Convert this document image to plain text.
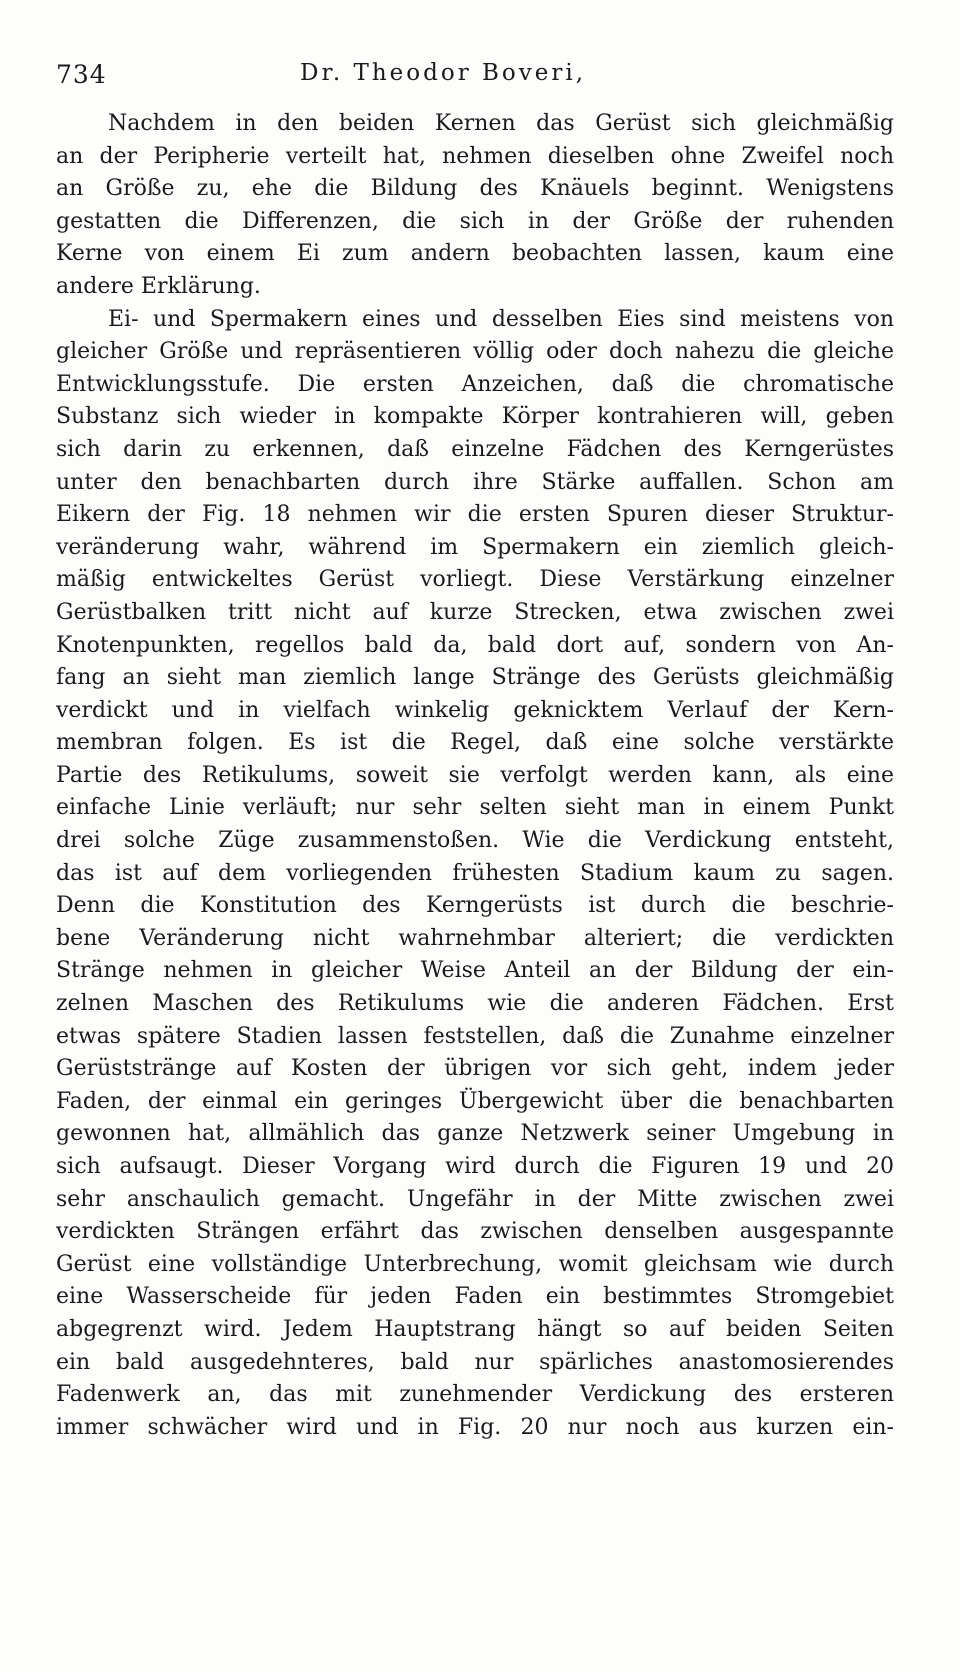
734	Dr. Theodor Boveri,
Nachdem in den beiden Kernen das Gerüst sich gleichmäßig
an der Peripherie verteilt hat, nehmen dieselben ohne Zweifel noch
an Größe zu, ehe die Bildung des Knäuels beginnt. Wenigstens
gestatten die Differenzen, die sich in der Größe der ruhenden
Kerne von einem Ei zum andern beobachten lassen, kaum eine
andere Erklärung.
Ei- und Spermakern eines und desselben Eies sind meistens von
gleicher Größe und repräsentieren völlig oder doch nahezu die gleiche
Entwicklungsstufe. Die ersten Anzeichen, daß die chromatische
Substanz sich wieder in kompakte Körper kontrahieren will, geben
sich darin zu erkennen, daß einzelne Fädchen des Kerngerüstes
unter den benachbarten durch ihre Stärke auffallen. Schon am
Eikern der Fig. 18 nehmen wir die ersten Spuren dieser Struktur-
veränderung wahr, während im Spermakern ein ziemlich gleich-
mäßig entwickeltes Gerüst vorliegt. Diese Verstärkung einzelner
Gerüstbalken tritt nicht auf kurze Strecken, etwa zwischen zwei
Knotenpunkten, regellos bald da, bald dort auf, sondern von An-
fang an sieht man ziemlich lange Stränge des Gerüsts gleichmäßig
verdickt und in vielfach winkelig geknicktem Verlauf der Kern-
membran folgen. Es ist die Regel, daß eine solche verstärkte
Partie des Retikulums, soweit sie verfolgt werden kann, als eine
einfache Linie verläuft; nur sehr selten sieht man in einem Punkt
drei solche Züge zusammenstoßen. Wie die Verdickung entsteht,
das ist auf dem vorliegenden frühesten Stadium kaum zu sagen.
Denn die Konstitution des Kerngerüsts ist durch die beschrie-
bene Veränderung nicht wahrnehmbar alteriert; die verdickten
Stränge nehmen in gleicher Weise Anteil an der Bildung der ein-
zelnen Maschen des Retikulums wie die anderen Fädchen. Erst
etwas spätere Stadien lassen feststellen, daß die Zunahme einzelner
Gerüststränge auf Kosten der übrigen vor sich geht, indem jeder
Faden, der einmal ein geringes Übergewicht über die benachbarten
gewonnen hat, allmählich das ganze Netzwerk seiner Umgebung in
sich aufsaugt. Dieser Vorgang wird durch die Figuren 19 und 20
sehr anschaulich gemacht. Ungefähr in der Mitte zwischen zwei
verdickten Strängen erfährt das zwischen denselben ausgespannte
Gerüst eine vollständige Unterbrechung, womit gleichsam wie durch
eine Wasserscheide für jeden Faden ein bestimmtes Stromgebiet
abgegrenzt wird. Jedem Hauptstrang hängt so auf beiden Seiten
ein bald ausgedehnteres, bald nur spärliches anastomosierendes
Fadenwerk an, das mit zunehmender Verdickung des ersteren
immer schwächer wird und in Fig. 20 nur noch aus kurzen ein-
